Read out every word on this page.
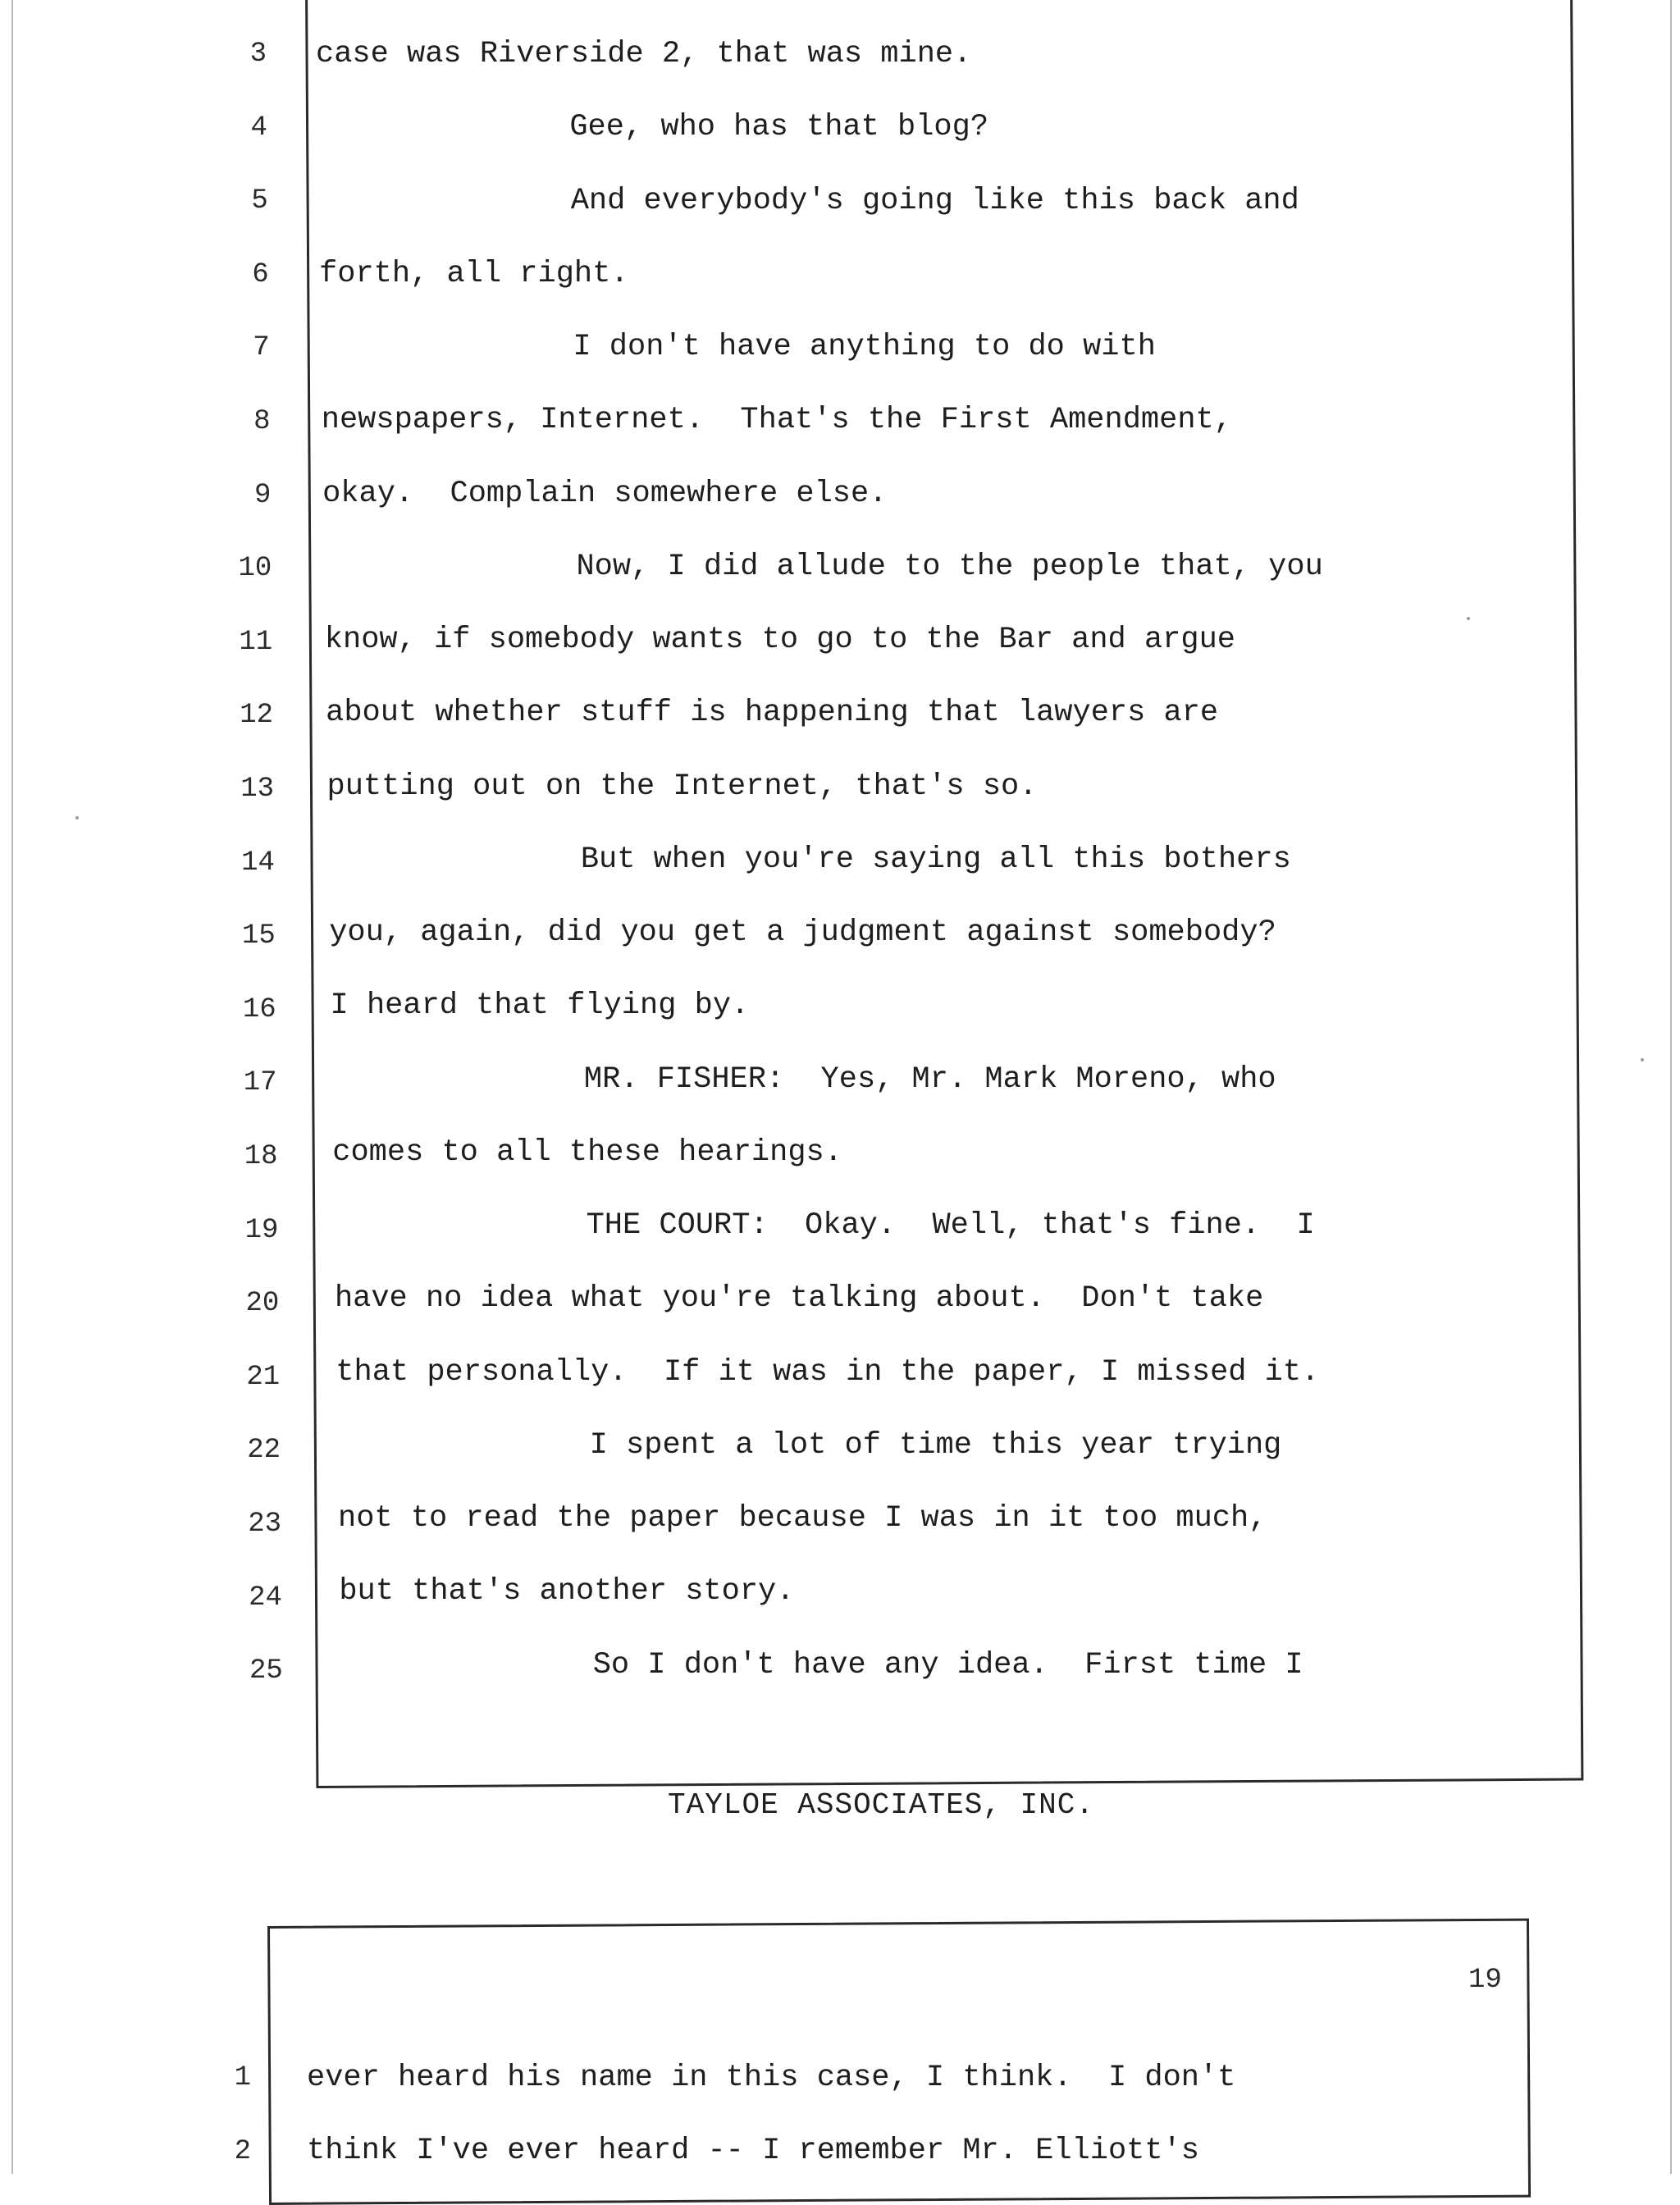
3 case was Riverside 2, that was mine.
4	Gee, who has that blog?
5	And everybody's going like this back and
6 forth, all right.
7	I don't have anything to do with
8 newspapers, Internet.  That's the First Amendment,
9 okay.  Complain somewhere else.
10	Now, I did allude to the people that, you
11 know, if somebody wants to go to the Bar and argue
12 about whether stuff is happening that lawyers are
13 putting out on the Internet, that's so.
14	But when you're saying all this bothers
15 you, again, did you get a judgment against somebody?
16 I heard that flying by.
17	MR. FISHER:  Yes, Mr. Mark Moreno, who
18 comes to all these hearings.
19	THE COURT:  Okay.  Well, that's fine.  I
20 have no idea what you're talking about.  Don't take
21 that personally.  If it was in the paper, I missed it.
22	I spent a lot of time this year trying
23 not to read the paper because I was in it too much,
24 but that's another story.
25	So I don't have any idea.  First time I
TAYLOE ASSOCIATES, INC.
19
1 ever heard his name in this case, I think.  I don't
2 think I've ever heard -- I remember Mr. Elliott's
